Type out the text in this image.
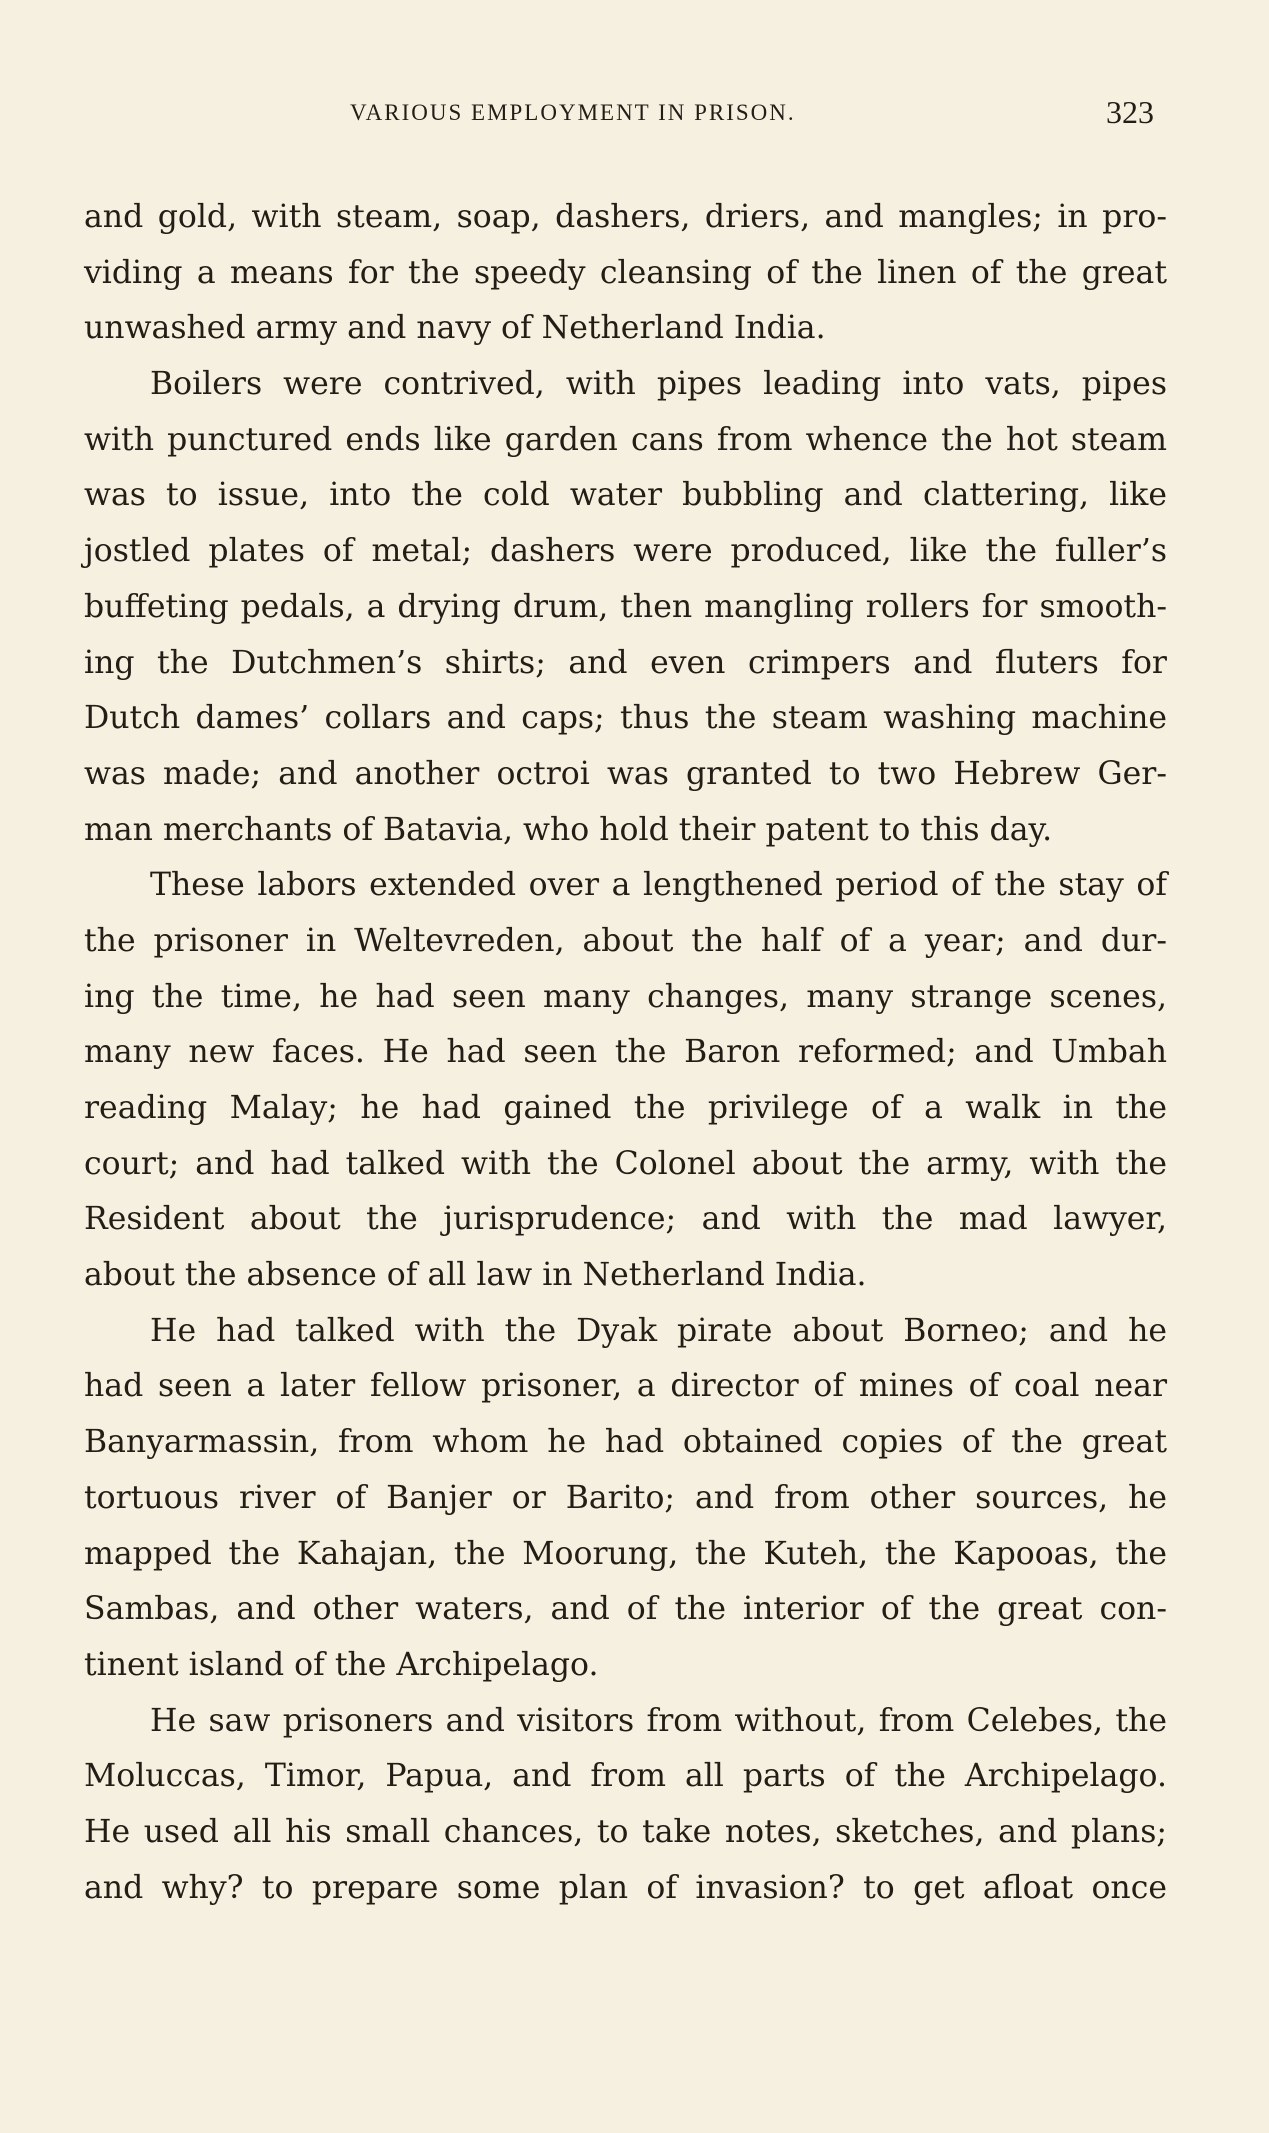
VARIOUS EMPLOYMENT IN PRISON.	323
and gold, with steam, soap, dashers, driers, and mangles; in pro-
viding a means for the speedy cleansing of the linen of the great
unwashed army and navy of Netherland India.
Boilers were contrived, with pipes leading into vats, pipes
with punctured ends like garden cans from whence the hot steam
was to issue, into the cold water bubbling and clattering, like
jostled plates of metal; dashers were produced, like the fuller’s
buffeting pedals, a drying drum, then mangling rollers for smooth-
ing the Dutchmen’s shirts; and even crimpers and fluters for
Dutch dames’ collars and caps; thus the steam washing machine
was made; and another octroi was granted to two Hebrew Ger-
man merchants of Batavia, who hold their patent to this day.
These labors extended over a lengthened period of the stay of
the prisoner in Weltevreden, about the half of a year; and dur-
ing the time, he had seen many changes, many strange scenes,
many new faces. He had seen the Baron reformed; and Umbah
reading Malay; he had gained the privilege of a walk in the
court; and had talked with the Colonel about the army, with the
Resident about the jurisprudence; and with the mad lawyer,
about the absence of all law in Netherland India.
He had talked with the Dyak pirate about Borneo; and he
had seen a later fellow prisoner, a director of mines of coal near
Banyarmassin, from whom he had obtained copies of the great
tortuous river of Banjer or Barito; and from other sources, he
mapped the Kahajan, the Moorung, the Kuteh, the Kapooas, the
Sambas, and other waters, and of the interior of the great con-
tinent island of the Archipelago.
He saw prisoners and visitors from without, from Celebes, the
Moluccas, Timor, Papua, and from all parts of the Archipelago.
He used all his small chances, to take notes, sketches, and plans;
and why? to prepare some plan of invasion? to get afloat once
